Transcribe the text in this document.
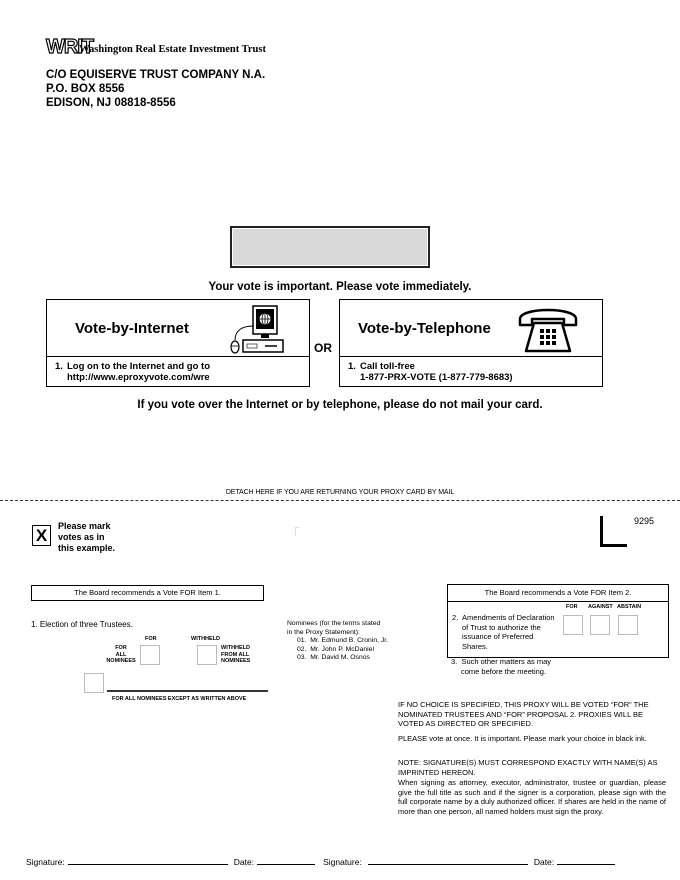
WRIT
Washington Real Estate Investment Trust
C/O EQUISERVE TRUST COMPANY N.A.
P.O. BOX 8556
EDISON, NJ 08818-8556
Your vote is important. Please vote immediately.
Vote-by-Internet
1. Log on to the Internet and go to
http://www.eproxyvote.com/wre
OR
Vote-by-Telephone
1. Call toll-free
1-877-PRX-VOTE (1-877-779-8683)
If you vote over the Internet or by telephone, please do not mail your card.
DETACH HERE IF YOU ARE RETURNING YOUR PROXY CARD BY MAIL
X	Please mark
votes as in
this example.
9295
The Board recommends a Vote FOR Item 1.
1. Election of three Trustees.
FOR	WITHHELD
FOR
ALL
NOMINEES
WITHHELD
FROM ALL
NOMINEES
FOR ALL NOMINEES EXCEPT AS WRITTEN ABOVE
Nominees (for the terms stated
in the Proxy Statement):
01. Mr. Edmund B. Cronin, Jr.
02. Mr. John P. McDaniel
03. Mr. David M. Osnos
The Board recommends a Vote FOR Item 2.
FOR AGAINST ABSTAIN
2. Amendments of Declaration
of Trust to authorize the
issuance of Preferred
Shares.
3. Such other matters as may
come before the meeting.
IF NO CHOICE IS SPECIFIED, THIS PROXY WILL BE VOTED “FOR” THE NOMINATED TRUSTEES AND “FOR” PROPOSAL 2. PROXIES WILL BE VOTED AS DIRECTED OR SPECIFIED.
PLEASE vote at once. It is important. Please mark your choice in black ink.
NOTE: SIGNATURE(S) MUST CORRESPOND EXACTLY WITH NAME(S) AS IMPRINTED HEREON.
When signing as attorney, executor, administrator, trustee or guardian, please give the full title as such and if the signer is a corporation, please sign with the full corporate name by a duly authorized officer. If shares are held in the name of more than one person, all named holders must sign the proxy.
Signature:	Date:	Signature:	Date:
